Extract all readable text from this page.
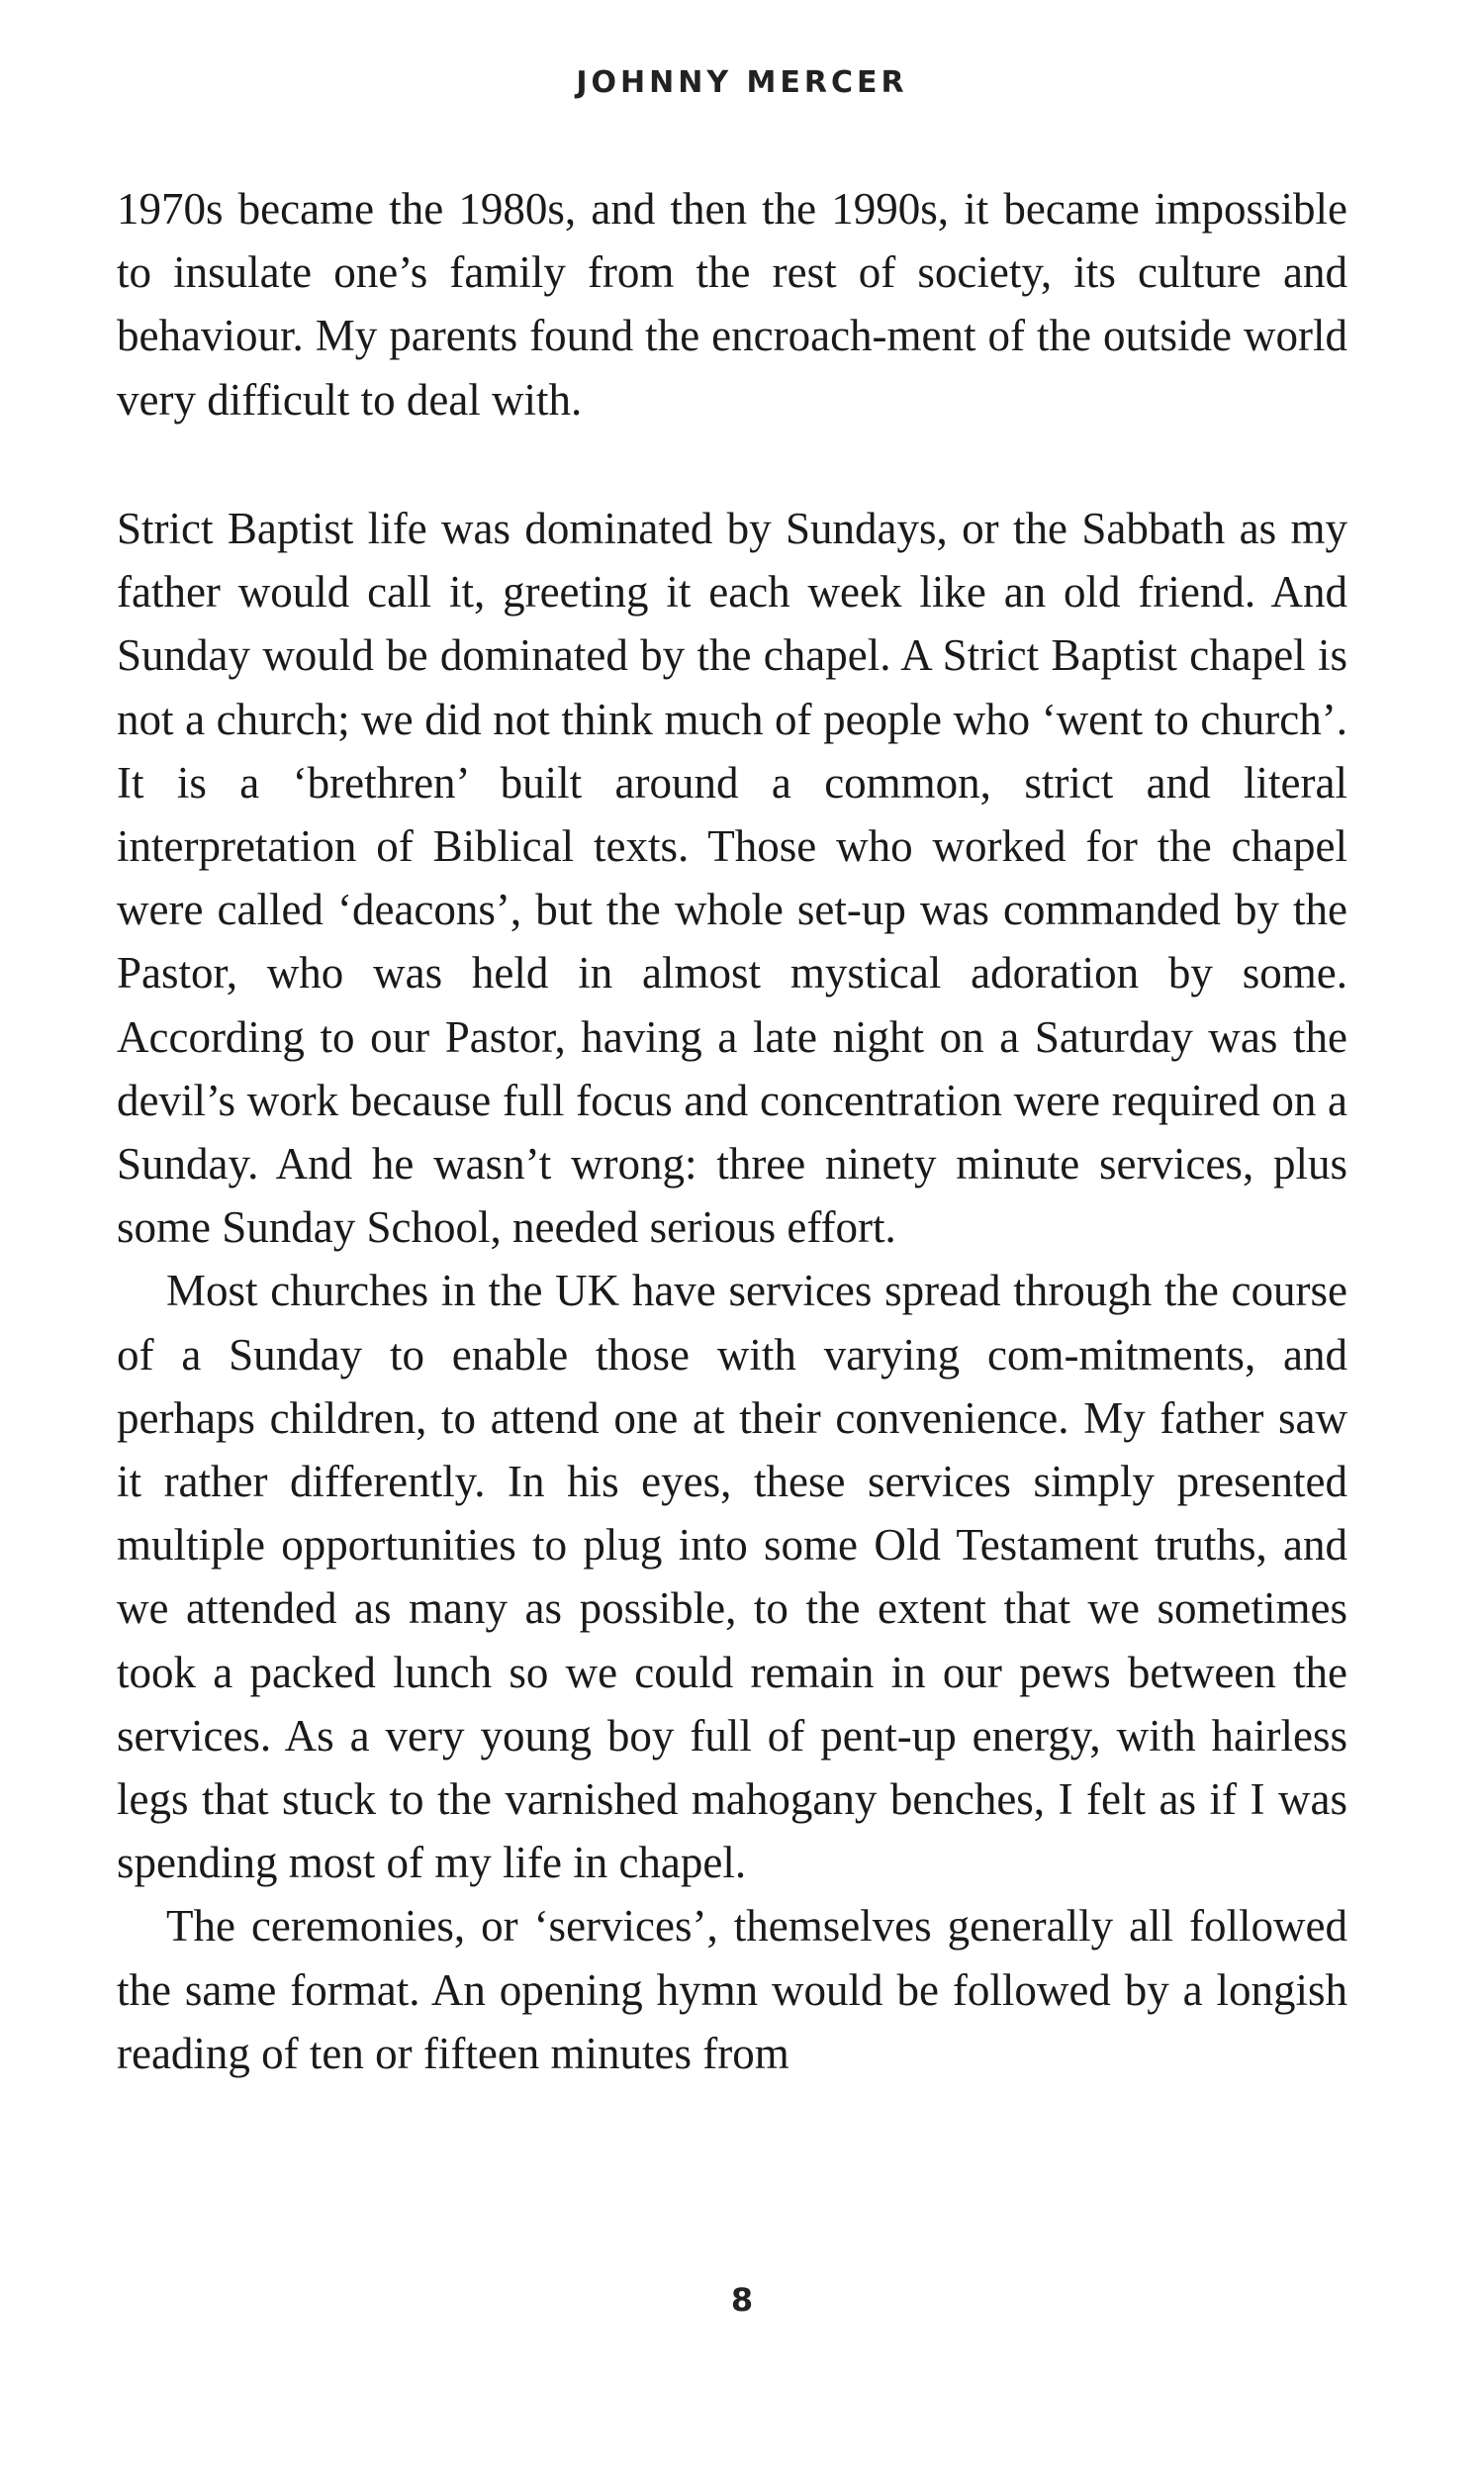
JOHNNY MERCER

1970s became the 1980s, and then the 1990s, it became impossible to insulate one’s family from the rest of society, its culture and behaviour. My parents found the encroach-ment of the outside world very difficult to deal with.

Strict Baptist life was dominated by Sundays, or the Sabbath as my father would call it, greeting it each week like an old friend. And Sunday would be dominated by the chapel. A Strict Baptist chapel is not a church; we did not think much of people who ‘went to church’. It is a ‘brethren’ built around a common, strict and literal interpretation of Biblical texts. Those who worked for the chapel were called ‘deacons’, but the whole set-up was commanded by the Pastor, who was held in almost mystical adoration by some. According to our Pastor, having a late night on a Saturday was the devil’s work because full focus and concentration were required on a Sunday. And he wasn’t wrong: three ninety minute services, plus some Sunday School, needed serious effort.

Most churches in the UK have services spread through the course of a Sunday to enable those with varying com-mitments, and perhaps children, to attend one at their convenience. My father saw it rather differently. In his eyes, these services simply presented multiple opportunities to plug into some Old Testament truths, and we attended as many as possible, to the extent that we sometimes took a packed lunch so we could remain in our pews between the services. As a very young boy full of pent-up energy, with hairless legs that stuck to the varnished mahogany benches, I felt as if I was spending most of my life in chapel.

The ceremonies, or ‘services’, themselves generally all followed the same format. An opening hymn would be followed by a longish reading of ten or fifteen minutes from

8
